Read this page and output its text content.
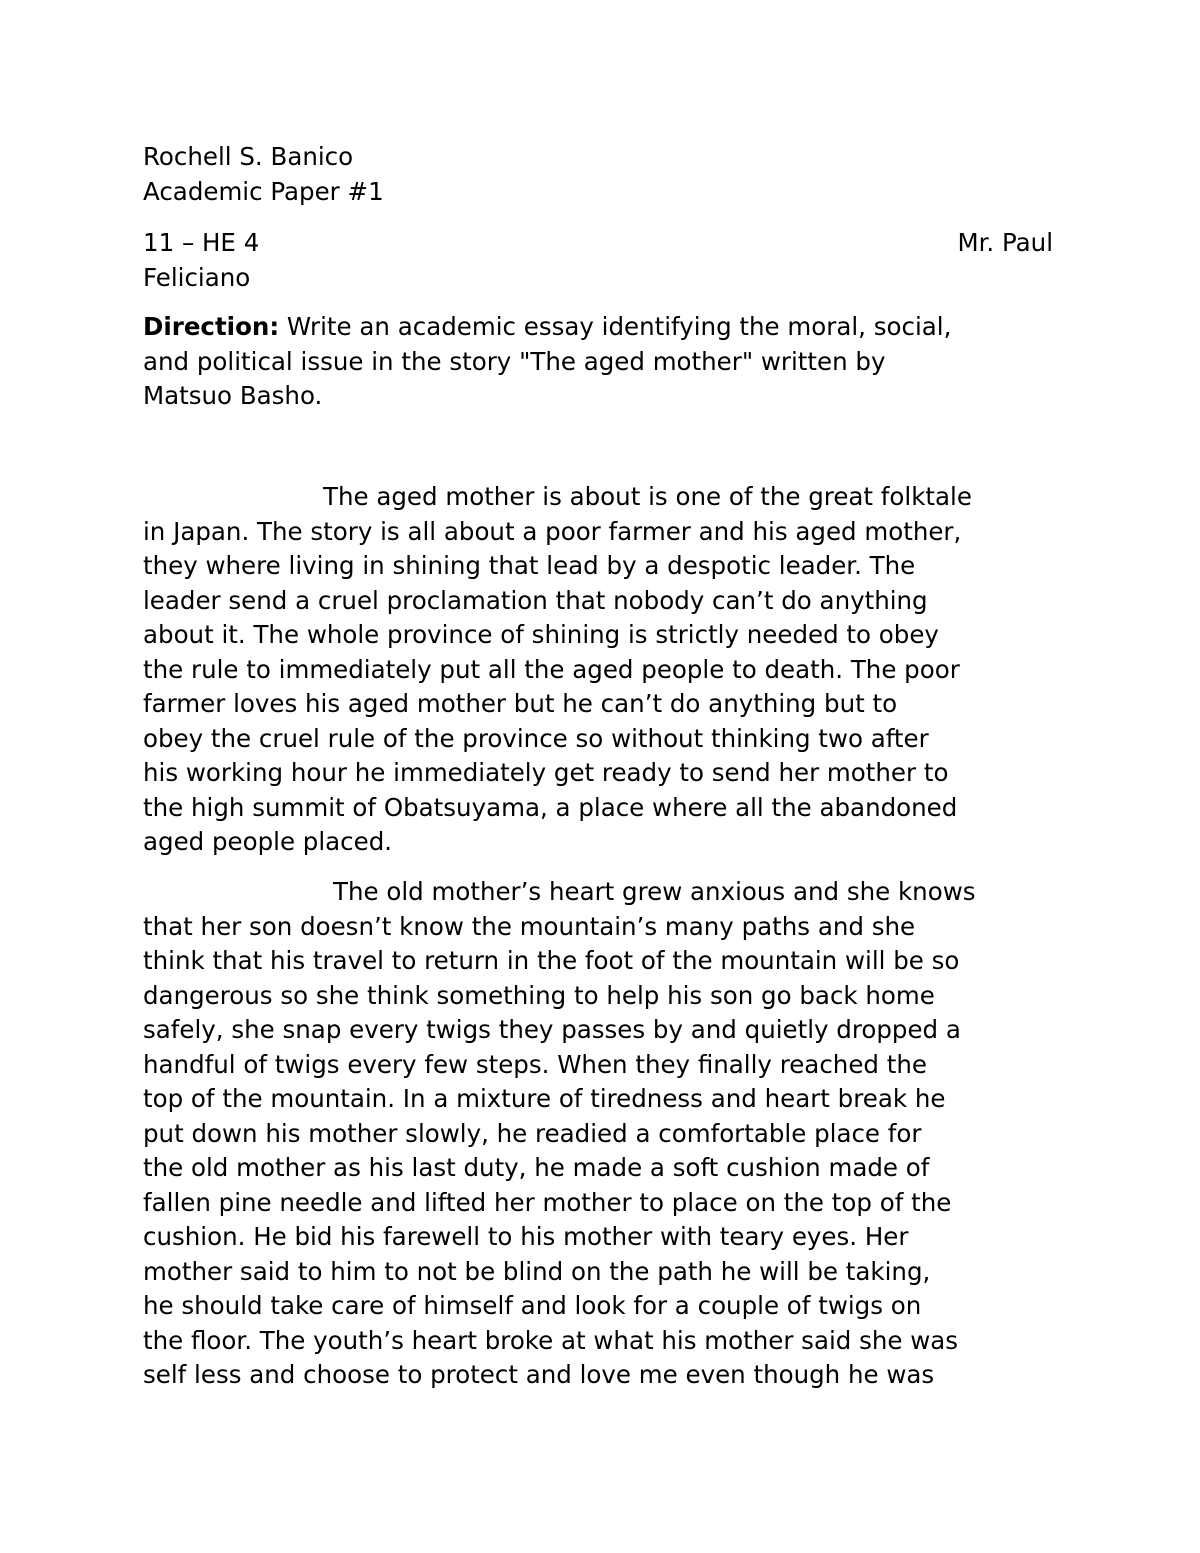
Rochell S. Banico
Academic Paper #1
11 – HE 4	Mr. Paul
Feliciano
Direction: Write an academic essay identifying the moral, social,
and political issue in the story "The aged mother" written by
Matsuo Basho.
The aged mother is about is one of the great folktale
in Japan. The story is all about a poor farmer and his aged mother,
they where living in shining that lead by a despotic leader. The
leader send a cruel proclamation that nobody can’t do anything
about it. The whole province of shining is strictly needed to obey
the rule to immediately put all the aged people to death. The poor
farmer loves his aged mother but he can’t do anything but to
obey the cruel rule of the province so without thinking two after
his working hour he immediately get ready to send her mother to
the high summit of Obatsuyama, a place where all the abandoned
aged people placed.
The old mother’s heart grew anxious and she knows
that her son doesn’t know the mountain’s many paths and she
think that his travel to return in the foot of the mountain will be so
dangerous so she think something to help his son go back home
safely, she snap every twigs they passes by and quietly dropped a
handful of twigs every few steps. When they finally reached the
top of the mountain. In a mixture of tiredness and heart break he
put down his mother slowly, he readied a comfortable place for
the old mother as his last duty, he made a soft cushion made of
fallen pine needle and lifted her mother to place on the top of the
cushion. He bid his farewell to his mother with teary eyes. Her
mother said to him to not be blind on the path he will be taking,
he should take care of himself and look for a couple of twigs on
the floor. The youth’s heart broke at what his mother said she was
self less and choose to protect and love me even though he was
